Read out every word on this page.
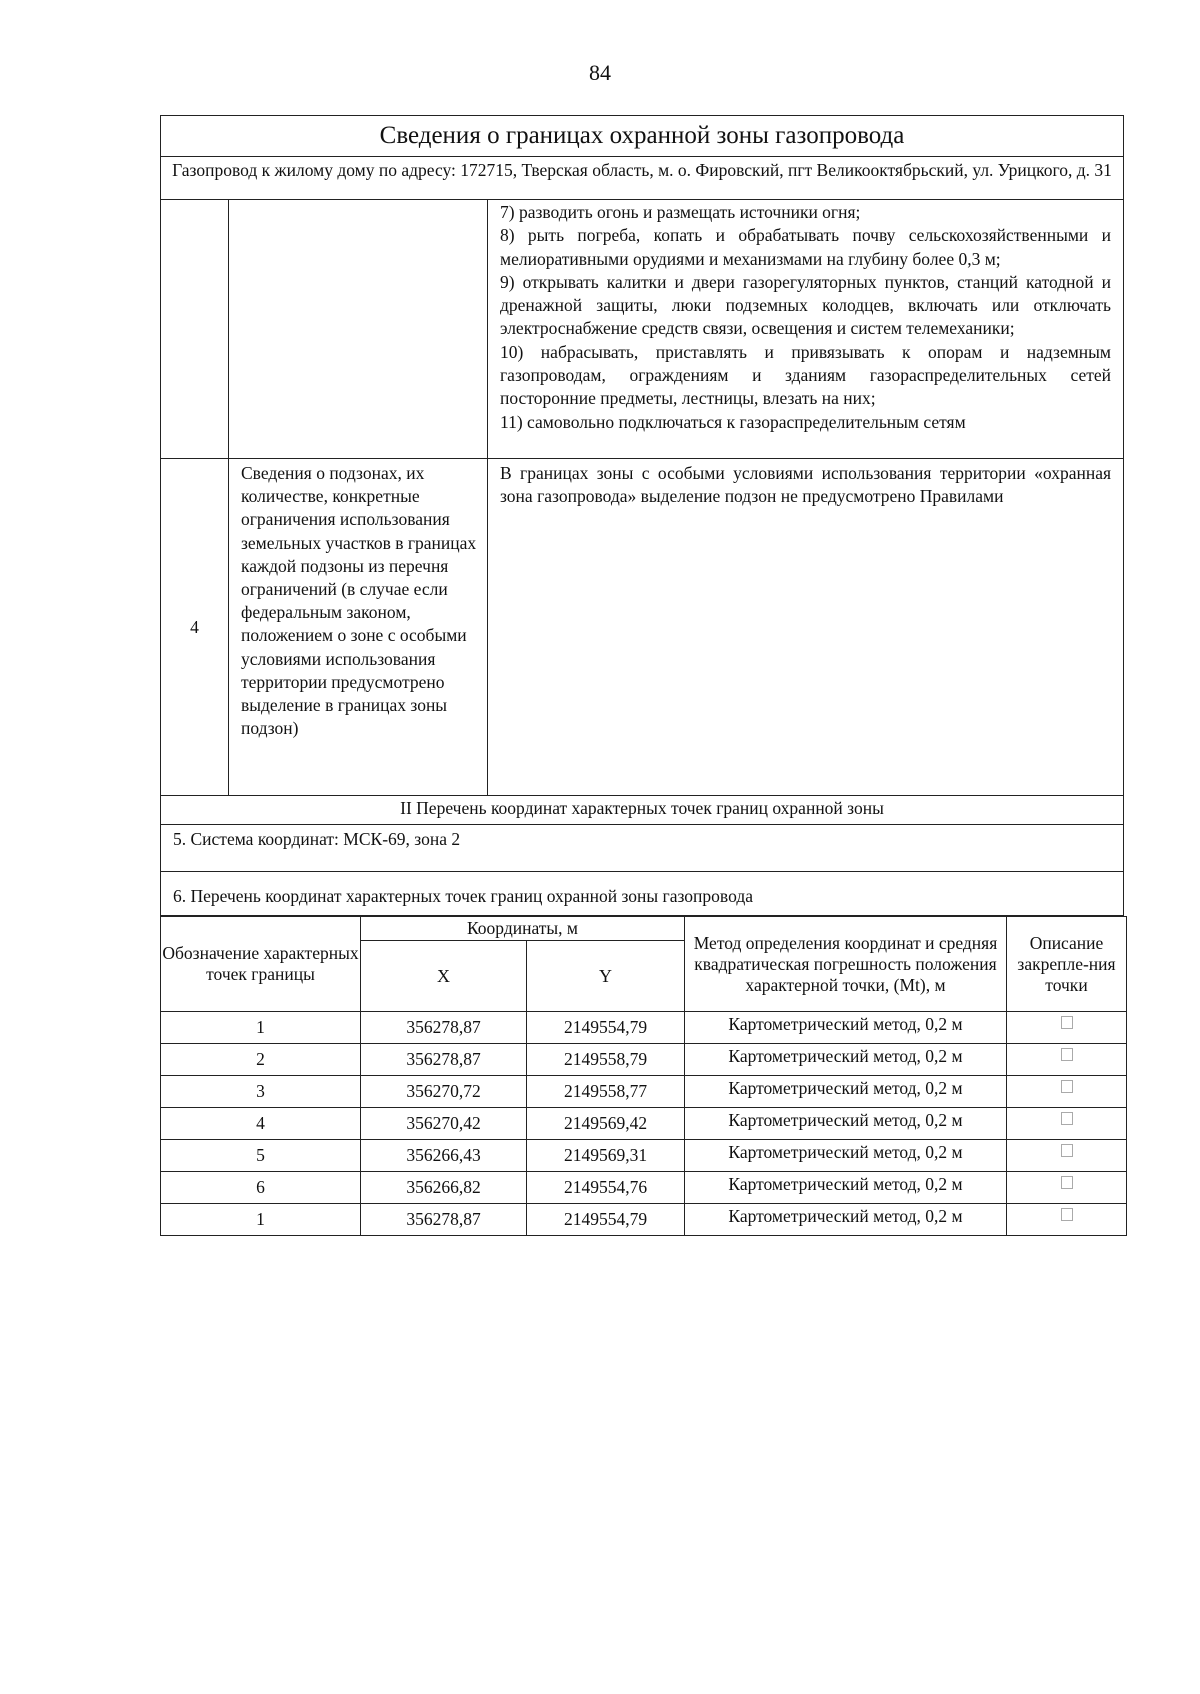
84
Сведения о границах охранной зоны газопровода		
Газопровод к жилому дому по адресу: 172715, Тверская область, м. о. Фировский, пгт Великооктябрьский, ул. Урицкого, д. 31		

		7) разводить огонь и размещать источники огня;

8) рыть погреба, копать и обрабатывать почву сельскохозяйственными и мелиоративными орудиями и механизмами на глубину более 0,3 м;

9) открывать калитки и двери газорегуляторных пунктов, станций катодной и дренажной защиты, люки подземных колодцев, включать или отключать электроснабжение средств связи, освещения и систем телемеханики;

10) набрасывать, приставлять и привязывать к опорам и надземным газопроводам, ограждениям и зданиям газораспределительных сетей посторонние предметы, лестницы, влезать на них;

11) самовольно подключаться к газораспределительным сетям

4	Сведения о подзонах, их количестве, конкретные ограничения использования земельных участков в границах каждой подзоны из перечня ограничений (в случае если федеральным законом, положением о зоне с особыми условиями использования территории предусмотрено выделение в границах зоны подзон)	В границах зоны с особыми условиями использования территории «охранная зона газопровода» выделение подзон не предусмотрено Правилами
II Перечень координат характерных точек границ охранной зоны		
5. Система координат: МСК-69, зона 2		
6. Перечень координат характерных точек границ охранной зоны газопровода		
Обозначение характерных точек границы	Координаты, м		Метод определения координат и средняя квадратическая погрешность положения характерной точки, (Mt), м	Описание закрепле-ния точки
	X	Y		
1	356278,87	2149554,79	Картометрический метод, 0,2 м	
2	356278,87	2149558,79	Картометрический метод, 0,2 м	
3	356270,72	2149558,77	Картометрический метод, 0,2 м	
4	356270,42	2149569,42	Картометрический метод, 0,2 м	
5	356266,43	2149569,31	Картометрический метод, 0,2 м	
6	356266,82	2149554,76	Картометрический метод, 0,2 м	
1	356278,87	2149554,79	Картометрический метод, 0,2 м	
